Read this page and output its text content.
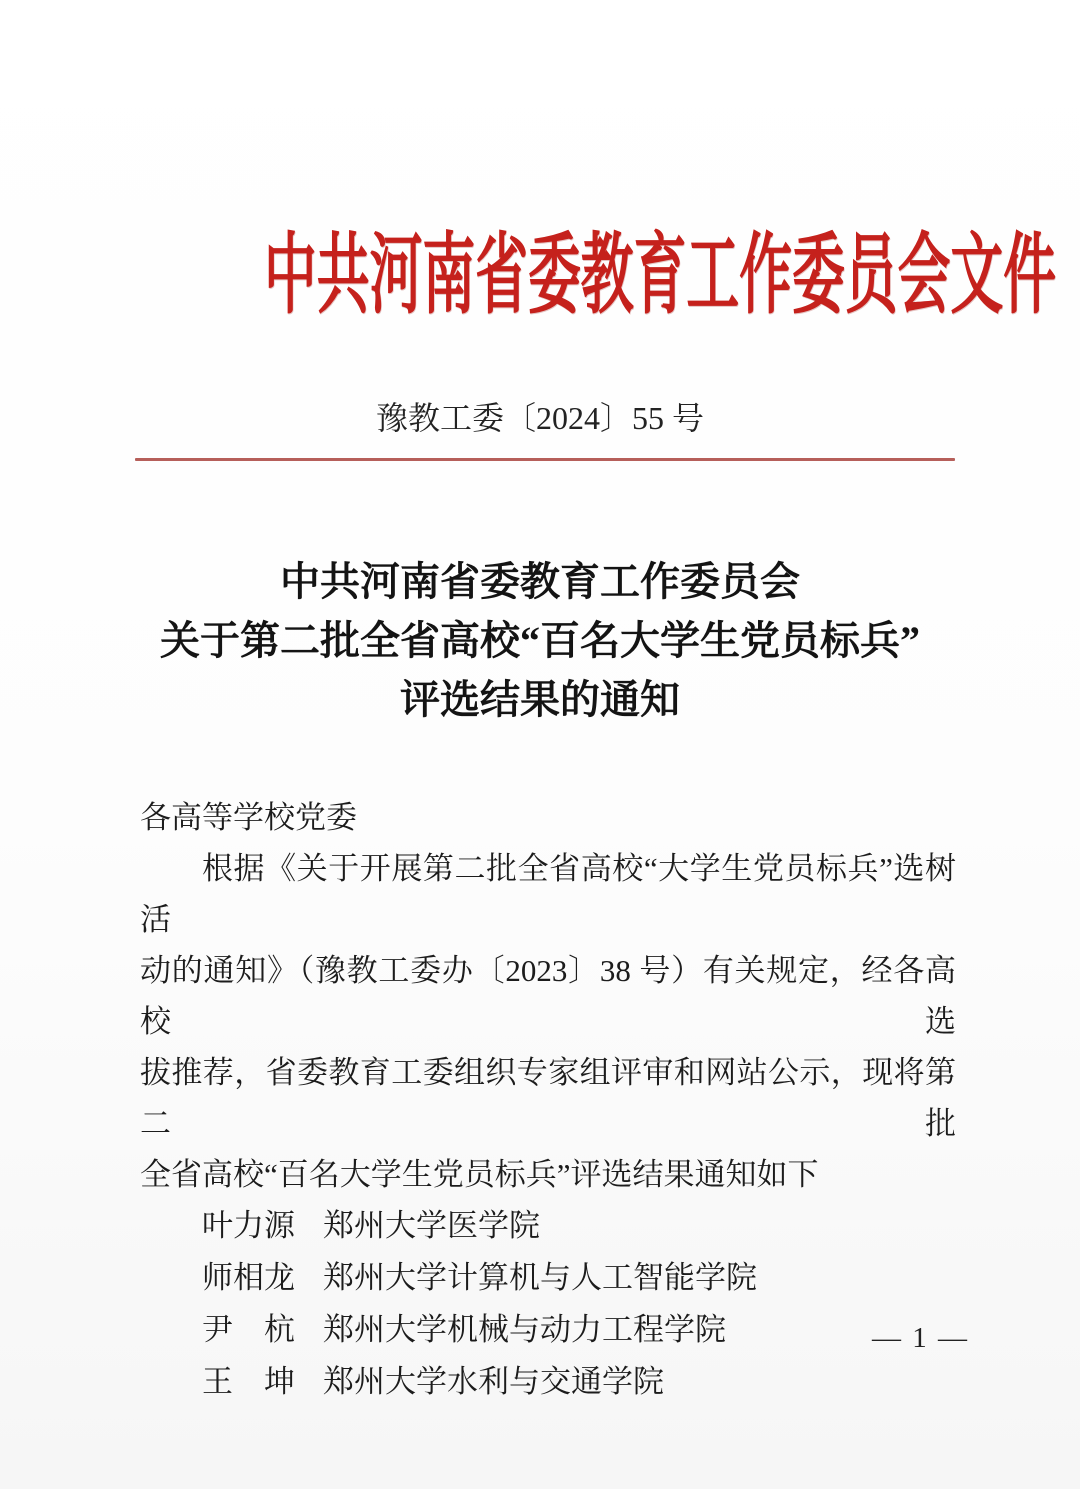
中共河南省委教育工作委员会文件
豫教工委〔2024〕55 号
中共河南省委教育工作委员会
关于第二批全省高校“百名大学生党员标兵”
评选结果的通知
各高等学校党委
根据《关于开展第二批全省高校“大学生党员标兵”选树活
动的通知》（豫教工委办〔2023〕38 号）有关规定，经各高校选
拔推荐，省委教育工委组织专家组评审和网站公示，现将第二批
全省高校“百名大学生党员标兵”评选结果通知如下
叶力源 郑州大学医学院
师相龙 郑州大学计算机与人工智能学院
尹　杭 郑州大学机械与动力工程学院
王　坤 郑州大学水利与交通学院
— 1 —
